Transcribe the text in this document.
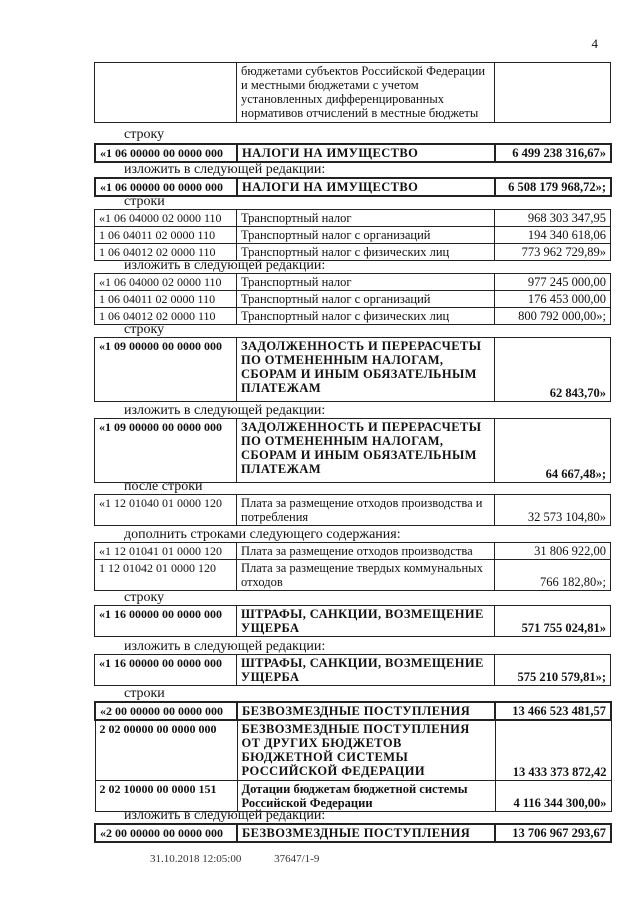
4
	бюджетами субъектов Российской Федерации и местными бюджетами с учетом установленных дифференцированных нормативов отчислений в местные бюджеты	
строку
«1 06 00000 00 0000 000	НАЛОГИ НА ИМУЩЕСТВО	6 499 238 316,67»
изложить в следующей редакции:
«1 06 00000 00 0000 000	НАЛОГИ НА ИМУЩЕСТВО	6 508 179 968,72»;
строки
«1 06 04000 02 0000 110	Транспортный налог	968 303 347,95
1 06 04011 02 0000 110	Транспортный налог с организаций	194 340 618,06
1 06 04012 02 0000 110	Транспортный налог с физических лиц	773 962 729,89»
изложить в следующей редакции:
«1 06 04000 02 0000 110	Транспортный налог	977 245 000,00
1 06 04011 02 0000 110	Транспортный налог с организаций	176 453 000,00
1 06 04012 02 0000 110	Транспортный налог с физических лиц	800 792 000,00»;
строку
«1 09 00000 00 0000 000	ЗАДОЛЖЕННОСТЬ И ПЕРЕРАСЧЕТЫ ПО ОТМЕНЕННЫМ НАЛОГАМ, СБОРАМ И ИНЫМ ОБЯЗАТЕЛЬНЫМ ПЛАТЕЖАМ	62 843,70»
изложить в следующей редакции:
«1 09 00000 00 0000 000	ЗАДОЛЖЕННОСТЬ И ПЕРЕРАСЧЕТЫ ПО ОТМЕНЕННЫМ НАЛОГАМ, СБОРАМ И ИНЫМ ОБЯЗАТЕЛЬНЫМ ПЛАТЕЖАМ	64 667,48»;
после строки
«1 12 01040 01 0000 120	Плата за размещение отходов производства и потребления	32 573 104,80»
дополнить строками следующего содержания:
«1 12 01041 01 0000 120	Плата за размещение отходов производства	31 806 922,00
1 12 01042 01 0000 120	Плата за размещение твердых коммунальных отходов	766 182,80»;
строку
«1 16 00000 00 0000 000	ШТРАФЫ, САНКЦИИ, ВОЗМЕЩЕНИЕ УЩЕРБА	571 755 024,81»
изложить в следующей редакции:
«1 16 00000 00 0000 000	ШТРАФЫ, САНКЦИИ, ВОЗМЕЩЕНИЕ УЩЕРБА	575 210 579,81»;
строки
«2 00 00000 00 0000 000	БЕЗВОЗМЕЗДНЫЕ ПОСТУПЛЕНИЯ	13 466 523 481,57
2 02 00000 00 0000 000	БЕЗВОЗМЕЗДНЫЕ ПОСТУПЛЕНИЯ ОТ ДРУГИХ БЮДЖЕТОВ БЮДЖЕТНОЙ СИСТЕМЫ РОССИЙСКОЙ ФЕДЕРАЦИИ	13 433 373 872,42
2 02 10000 00 0000 151	Дотации бюджетам бюджетной системы Российской Федерации	4 116 344 300,00»
изложить в следующей редакции:
«2 00 00000 00 0000 000	БЕЗВОЗМЕЗДНЫЕ ПОСТУПЛЕНИЯ	13 706 967 293,67
31.10.2018 12:05:00	37647/1-9
